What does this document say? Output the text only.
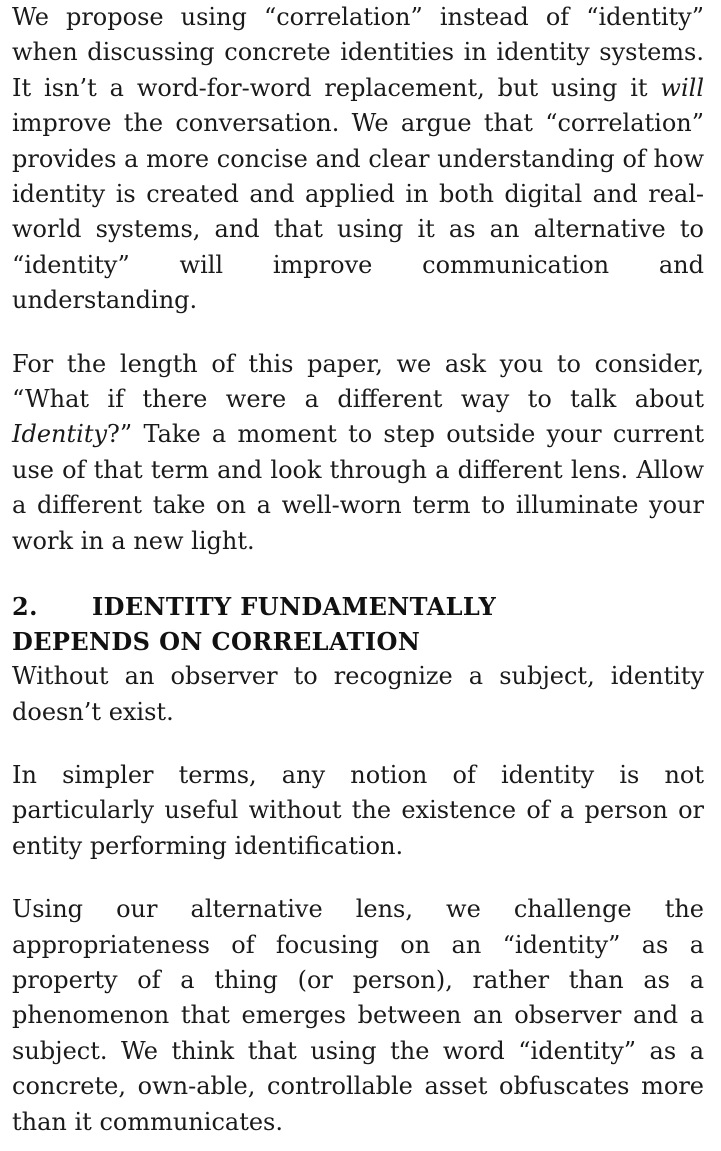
We propose using “correlation” instead of “identity” when discussing concrete identities in identity systems. It isn’t a word-for-word replacement, but using it will improve the conversation. We argue that “correlation” provides a more concise and clear understanding of how identity is created and applied in both digital and real-world systems, and that using it as an alternative to “identity” will improve communication and understanding.

For the length of this paper, we ask you to consider, “What if there were a different way to talk about Identity?” Take a moment to step outside your current use of that term and look through a different lens. Allow a different take on a well-worn term to illuminate your work in a new light.

2. IDENTITY FUNDAMENTALLY
DEPENDS ON CORRELATION

Without an observer to recognize a subject, identity doesn’t exist.

In simpler terms, any notion of identity is not particularly useful without the existence of a person or entity performing identification.

Using our alternative lens, we challenge the appropriateness of focusing on an “identity” as a property of a thing (or person), rather than as a phenomenon that emerges between an observer and a subject. We think that using the word “identity” as a concrete, own-able, controllable asset obfuscates more than it communicates.
